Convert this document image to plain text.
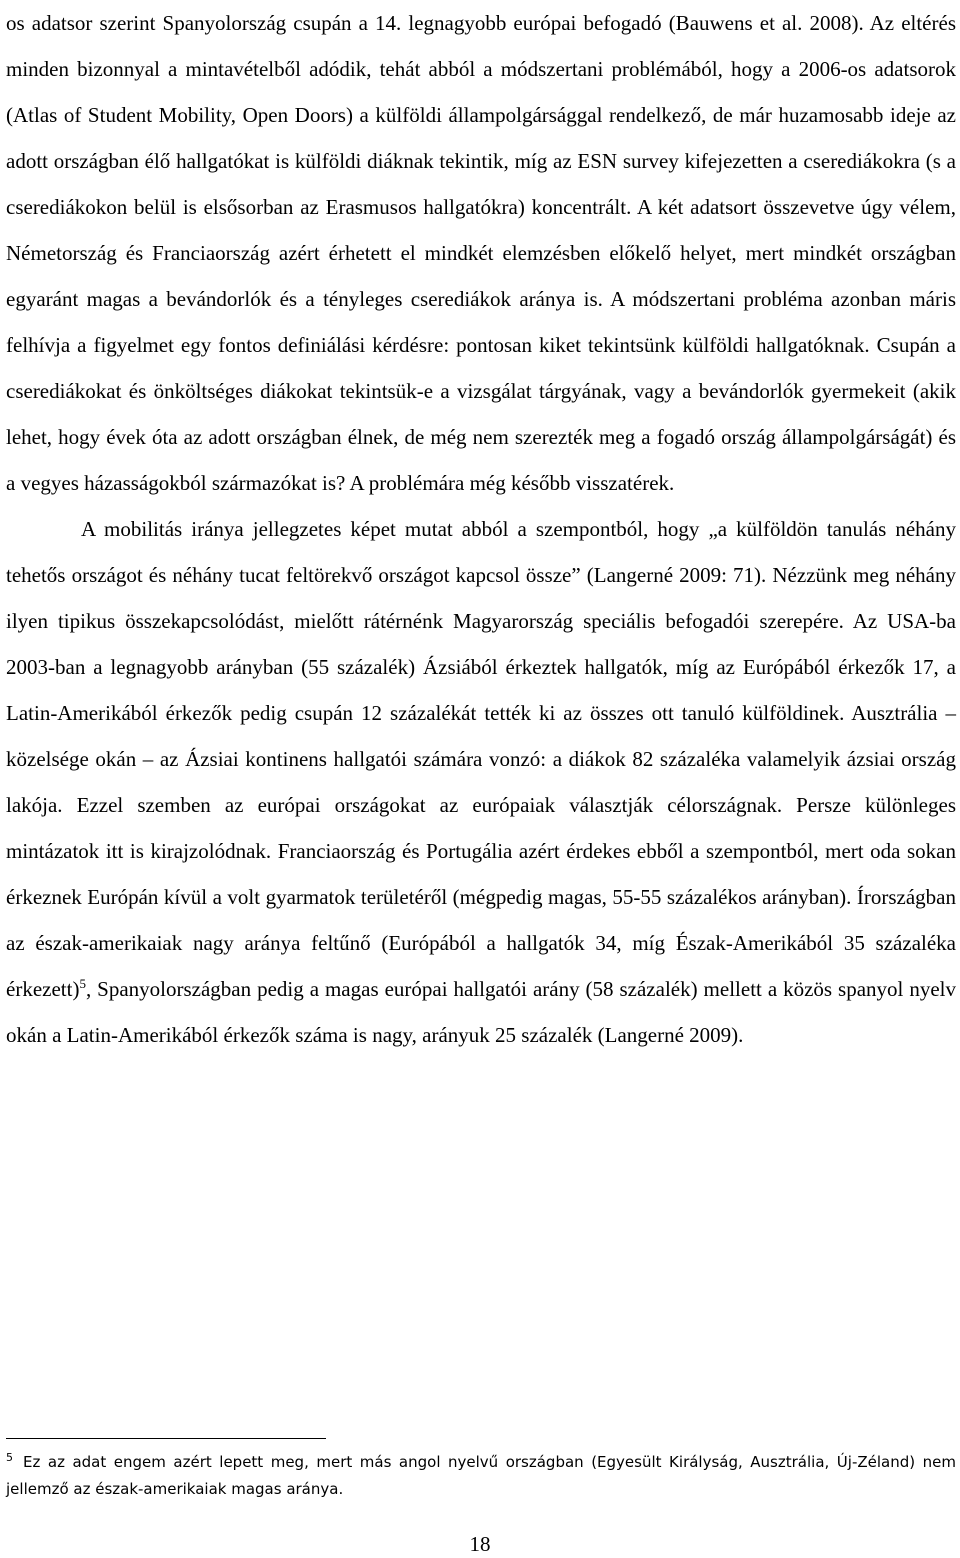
os adatsor szerint Spanyolország csupán a 14. legnagyobb európai befogadó (Bauwens et al. 2008). Az eltérés minden bizonnyal a mintavételből adódik, tehát abból a módszertani problémából, hogy a 2006-os adatsorok (Atlas of Student Mobility, Open Doors) a külföldi állampolgársággal rendelkező, de már huzamosabb ideje az adott országban élő hallgatókat is külföldi diáknak tekintik, míg az ESN survey kifejezetten a cserediákokra (s a cserediákokon belül is elsősorban az Erasmusos hallgatókra) koncentrált. A két adatsort összevetve úgy vélem, Németország és Franciaország azért érhetett el mindkét elemzésben előkelő helyet, mert mindkét országban egyaránt magas a bevándorlók és a tényleges cserediákok aránya is. A módszertani probléma azonban máris felhívja a figyelmet egy fontos definiálási kérdésre: pontosan kiket tekintsünk külföldi hallgatóknak. Csupán a cserediákokat és önköltséges diákokat tekintsük-e a vizsgálat tárgyának, vagy a bevándorlók gyermekeit (akik lehet, hogy évek óta az adott országban élnek, de még nem szerezték meg a fogadó ország állampolgárságát) és a vegyes házasságokból származókat is? A problémára még később visszatérek.

A mobilitás iránya jellegzetes képet mutat abból a szempontból, hogy „a külföldön tanulás néhány tehetős országot és néhány tucat feltörekvő országot kapcsol össze” (Langerné 2009: 71). Nézzünk meg néhány ilyen tipikus összekapcsolódást, mielőtt rátérnénk Magyarország speciális befogadói szerepére. Az USA-ba 2003-ban a legnagyobb arányban (55 százalék) Ázsiából érkeztek hallgatók, míg az Európából érkezők 17, a Latin-Amerikából érkezők pedig csupán 12 százalékát tették ki az összes ott tanuló külföldinek. Ausztrália – közelsége okán – az Ázsiai kontinens hallgatói számára vonzó: a diákok 82 százaléka valamelyik ázsiai ország lakója. Ezzel szemben az európai országokat az európaiak választják célországnak. Persze különleges mintázatok itt is kirajzolódnak. Franciaország és Portugália azért érdekes ebből a szempontból, mert oda sokan érkeznek Európán kívül a volt gyarmatok területéről (mégpedig magas, 55-55 százalékos arányban). Írországban az észak-amerikaiak nagy aránya feltűnő (Európából a hallgatók 34, míg Észak-Amerikából 35 százaléka érkezett)$^5$, Spanyolországban pedig a magas európai hallgatói arány (58 százalék) mellett a közös spanyol nyelv okán a Latin-Amerikából érkezők száma is nagy, arányuk 25 százalék (Langerné 2009).

$^5$ Ez az adat engem azért lepett meg, mert más angol nyelvű országban (Egyesült Királyság, Ausztrália, Új-Zéland) nem jellemző az észak-amerikaiak magas aránya.
18
